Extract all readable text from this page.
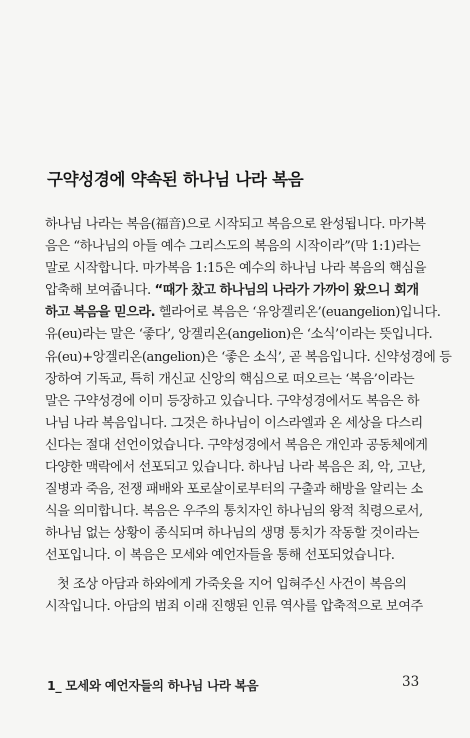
구약성경에 약속된 하나님 나라 복음
하나님 나라는 복음(福音)으로 시작되고 복음으로 완성됩니다. 마가복
음은 “하나님의 아들 예수 그리스도의 복음의 시작이라”(막 1:1)라는
말로 시작합니다. 마가복음 1:15은 예수의 하나님 나라 복음의 핵심을
압축해 보여줍니다. “때가 찼고 하나님의 나라가 가까이 왔으니 회개
하고 복음을 믿으라. 헬라어로 복음은 ‘유앙겔리온’(euangelion)입니다.
유(eu)라는 말은 ‘좋다’, 앙겔리온(angelion)은 ‘소식’이라는 뜻입니다.
유(eu)+앙겔리온(angelion)은 ‘좋은 소식’, 곧 복음입니다. 신약성경에 등
장하여 기독교, 특히 개신교 신앙의 핵심으로 떠오르는 ‘복음’이라는
말은 구약성경에 이미 등장하고 있습니다. 구약성경에서도 복음은 하
나님 나라 복음입니다. 그것은 하나님이 이스라엘과 온 세상을 다스리
신다는 절대 선언이었습니다. 구약성경에서 복음은 개인과 공동체에게
다양한 맥락에서 선포되고 있습니다. 하나님 나라 복음은 죄, 악, 고난,
질병과 죽음, 전쟁 패배와 포로살이로부터의 구출과 해방을 알리는 소
식을 의미합니다. 복음은 우주의 통치자인 하나님의 왕적 칙령으로서,
하나님 없는 상황이 종식되며 하나님의 생명 통치가 작동할 것이라는
선포입니다. 이 복음은 모세와 예언자들을 통해 선포되었습니다.
첫 조상 아담과 하와에게 가죽옷을 지어 입혀주신 사건이 복음의
시작입니다. 아담의 범죄 이래 진행된 인류 역사를 압축적으로 보여주
1_ 모세와 예언자들의 하나님 나라 복음	33
